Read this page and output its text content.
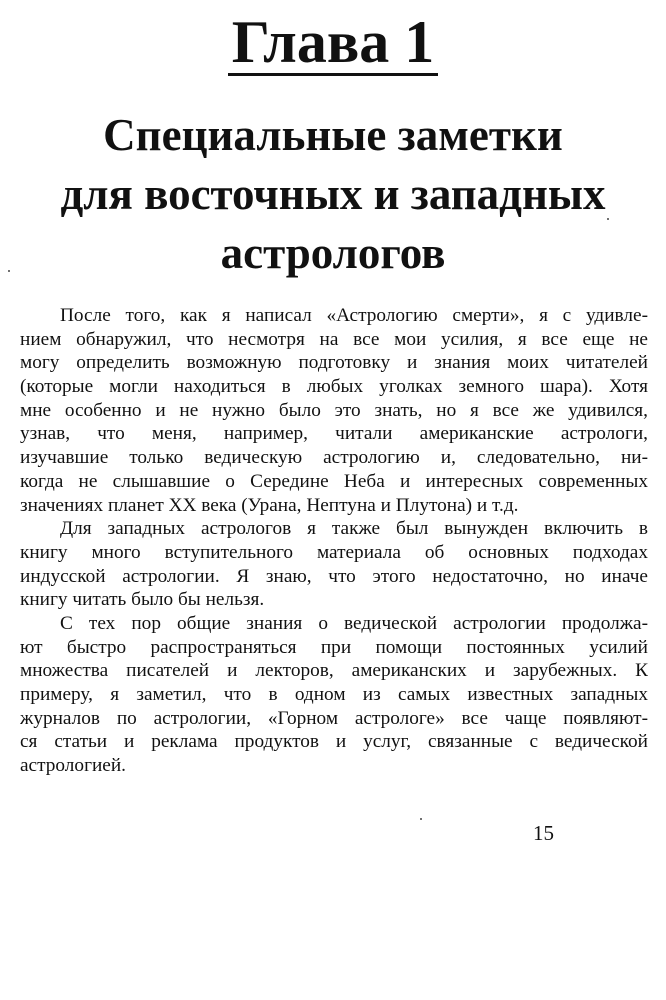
Глава 1
Специальные заметки
для восточных и западных
астрологов

После того, как я написал «Астрологию смерти», я с удивле-
нием обнаружил, что несмотря на все мои усилия, я все еще не
могу определить возможную подготовку и знания моих читателей
(которые могли находиться в любых уголках земного шара). Хотя
мне особенно и не нужно было это знать, но я все же удивился,
узнав, что меня, например, читали американские астрологи,
изучавшие только ведическую астрологию и, следовательно, ни-
когда не слышавшие о Середине Неба и интересных современных
значениях планет XX века (Урана, Нептуна и Плутона) и т.д.

Для западных астрологов я также был вынужден включить в
книгу много вступительного материала об основных подходах
индусской астрологии. Я знаю, что этого недостаточно, но иначе
книгу читать было бы нельзя.

С тех пор общие знания о ведической астрологии продолжа-
ют быстро распространяться при помощи постоянных усилий
множества писателей и лекторов, американских и зарубежных. К
примеру, я заметил, что в одном из самых известных западных
журналов по астрологии, «Горном астрологе» все чаще появляют-
ся статьи и реклама продуктов и услуг, связанные с ведической
астрологией.

15
